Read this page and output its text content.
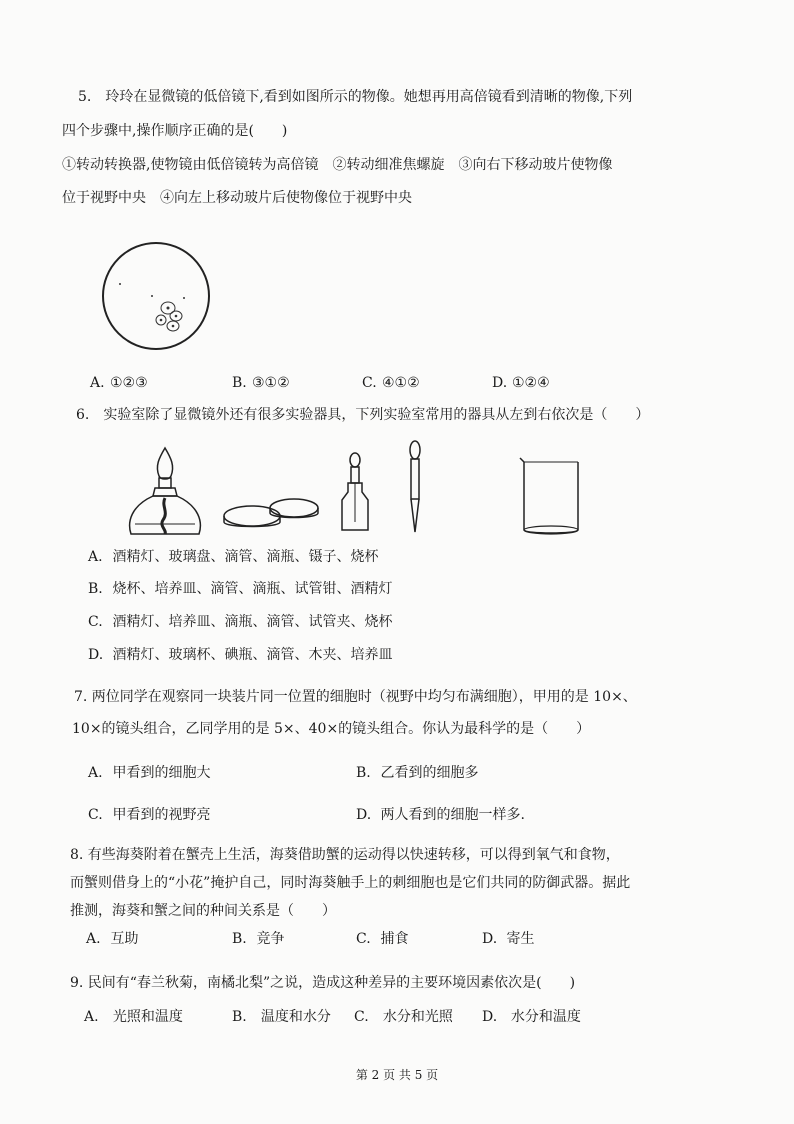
5.　玲玲在显微镜的低倍镜下,看到如图所示的物像。她想再用高倍镜看到清晰的物像,下列
四个步骤中,操作顺序正确的是(　　)
①转动转换器,使物镜由低倍镜转为高倍镜　②转动细准焦螺旋　③向右下移动玻片使物像
位于视野中央　④向左上移动玻片后使物像位于视野中央
A. ①②③	B. ③①②	C. ④①②	D. ①②④
6.　实验室除了显微镜外还有很多实验器具，下列实验室常用的器具从左到右依次是（　　）
A. 酒精灯、玻璃盘、滴管、滴瓶、镊子、烧杯
B. 烧杯、培养皿、滴管、滴瓶、试管钳、酒精灯
C. 酒精灯、培养皿、滴瓶、滴管、试管夹、烧杯
D. 酒精灯、玻璃杯、碘瓶、滴管、木夹、培养皿
7. 两位同学在观察同一块装片同一位置的细胞时（视野中均匀布满细胞），甲用的是 10×、
10×的镜头组合，乙同学用的是 5×、40×的镜头组合。你认为最科学的是（　　）
A. 甲看到的细胞大	B. 乙看到的细胞多
C. 甲看到的视野亮	D. 两人看到的细胞一样多.
8. 有些海葵附着在蟹壳上生活，海葵借助蟹的运动得以快速转移，可以得到氧气和食物，
而蟹则借身上的“小花”掩护自己，同时海葵触手上的刺细胞也是它们共同的防御武器。据此
推测，海葵和蟹之间的种间关系是（　　）
A. 互助	B. 竞争	C. 捕食	D. 寄生
9. 民间有“春兰秋菊，南橘北梨”之说，造成这种差异的主要环境因素依次是(　　)
A. 光照和温度	B. 温度和水分 C. 水分和光照 D. 水分和温度
第 2 页 共 5 页
